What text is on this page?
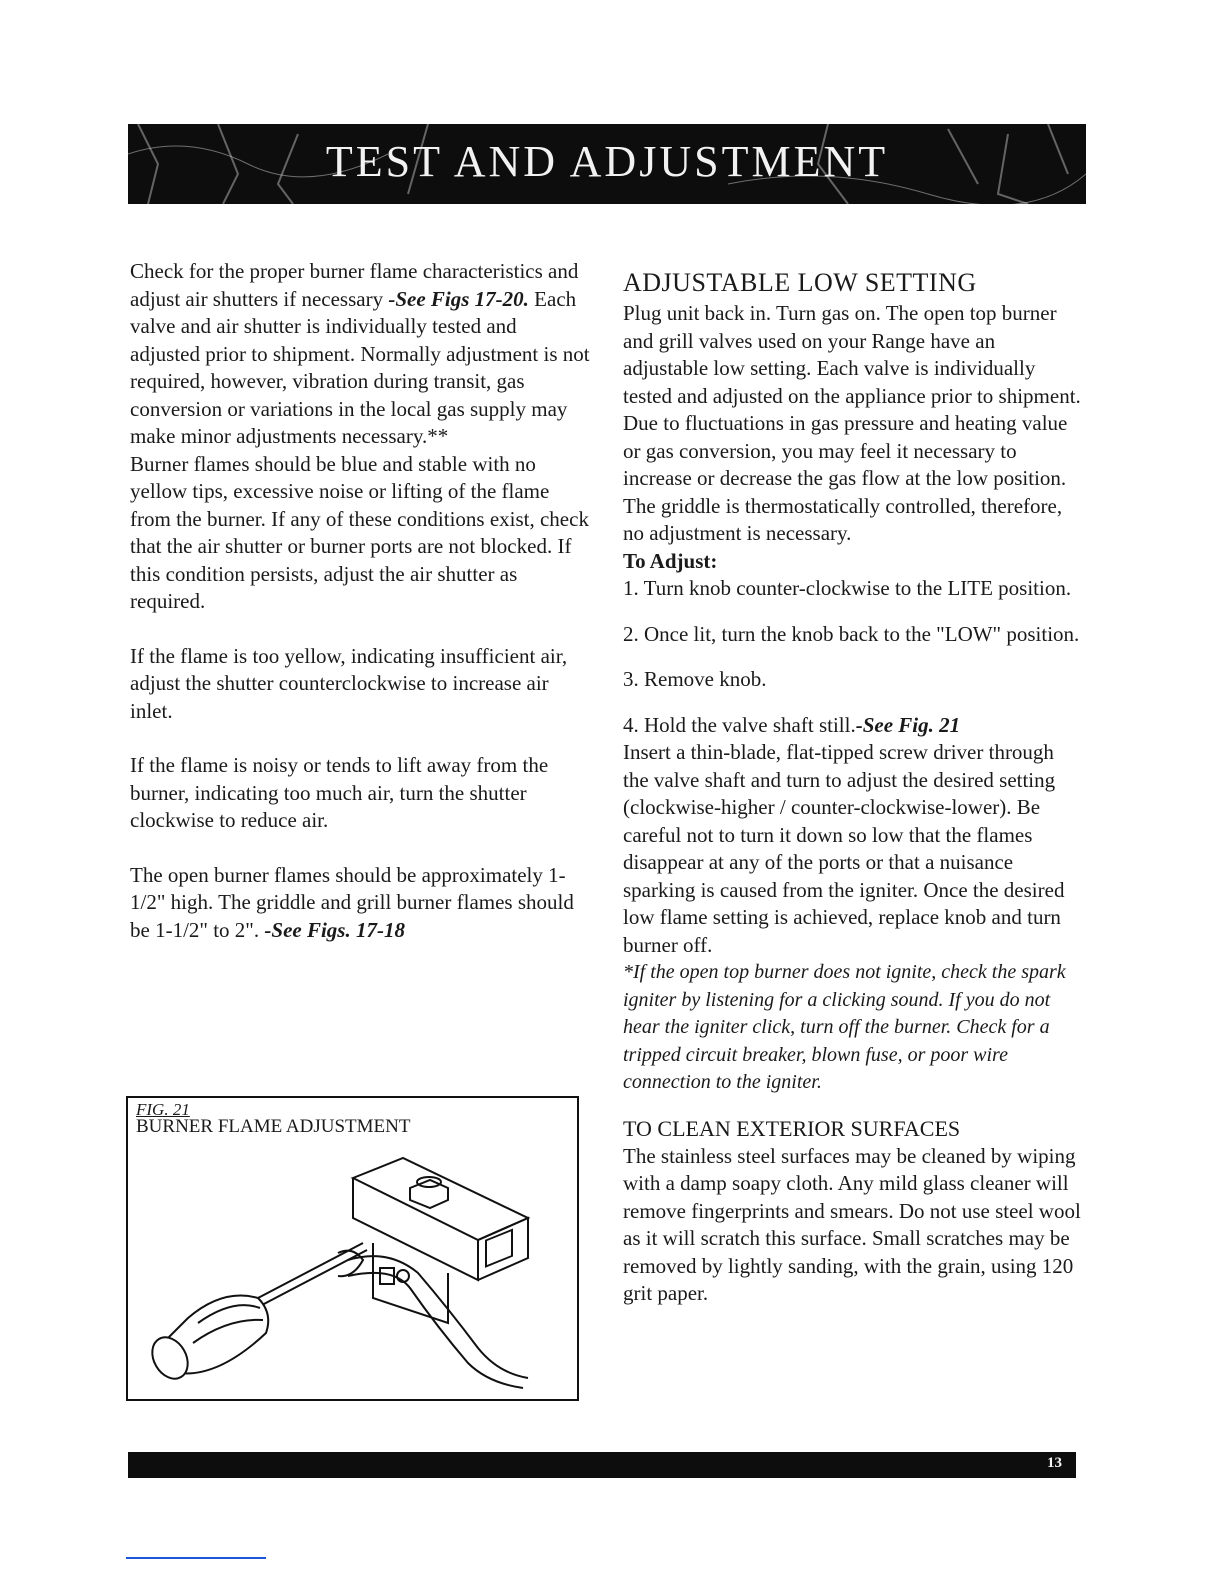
TEST AND ADJUSTMENT

Check for the proper burner flame characteristics and adjust air shutters if necessary -See Figs 17-20. Each valve and air shutter is individually tested and adjusted prior to shipment. Normally adjustment is not required, however, vibration during transit, gas conversion or variations in the local gas supply may make minor adjustments necessary.**

Burner flames should be blue and stable with no yellow tips, excessive noise or lifting of the flame from the burner. If any of these conditions exist, check that the air shutter or burner ports are not blocked. If this condition persists, adjust the air shutter as required.

If the flame is too yellow, indicating insufficient air, adjust the shutter counterclockwise to increase air inlet.

If the flame is noisy or tends to lift away from the burner, indicating too much air, turn the shutter clockwise to reduce air.

The open burner flames should be approximately 1-1/2" high. The griddle and grill burner flames should be 1-1/2" to 2". -See Figs. 17-18

FIG. 21
BURNER FLAME ADJUSTMENT
ADJUSTABLE LOW SETTING

Plug unit back in. Turn gas on. The open top burner and grill valves used on your Range have an adjustable low setting. Each valve is individually tested and adjusted on the appliance prior to shipment. Due to fluctuations in gas pressure and heating value or gas conversion, you may feel it necessary to increase or decrease the gas flow at the low position. The griddle is thermostatically controlled, therefore, no adjustment is necessary.

To Adjust:

1. Turn knob counter-clockwise to the LITE position.

2. Once lit, turn the knob back to the "LOW" position.

3. Remove knob.

4. Hold the valve shaft still.-See Fig. 21

Insert a thin-blade, flat-tipped screw driver through the valve shaft and turn to adjust the desired setting (clockwise-higher / counter-clockwise-lower). Be careful not to turn it down so low that the flames disappear at any of the ports or that a nuisance sparking is caused from the igniter. Once the desired low flame setting is achieved, replace knob and turn burner off.

*If the open top burner does not ignite, check the spark igniter by listening for a clicking sound. If you do not hear the igniter click, turn off the burner. Check for a tripped circuit breaker, blown fuse, or poor wire connection to the igniter.

TO CLEAN EXTERIOR SURFACES

The stainless steel surfaces may be cleaned by wiping with a damp soapy cloth. Any mild glass cleaner will remove fingerprints and smears. Do not use steel wool as it will scratch this surface. Small scratches may be removed by lightly sanding, with the grain, using 120 grit paper.

13
